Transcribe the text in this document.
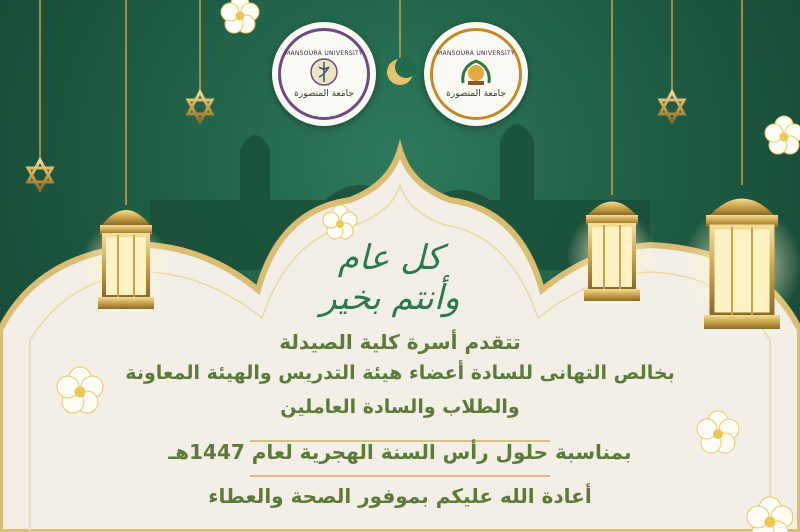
MANSOURA UNIVERSITY
جامعة المنصورة
MANSOURA UNIVERSITY
جامعة المنصورة
كل عام وأنتم بخير
تتقدم أسرة كلية الصيدلة
بخالص التهانى للسادة أعضاء هيئة التدريس والهيئة المعاونة
والطلاب والسادة العاملين
بمناسبة حلول رأس السنة الهجرية لعام 1447هـ
أعادة الله عليكم بموفور الصحة والعطاء
